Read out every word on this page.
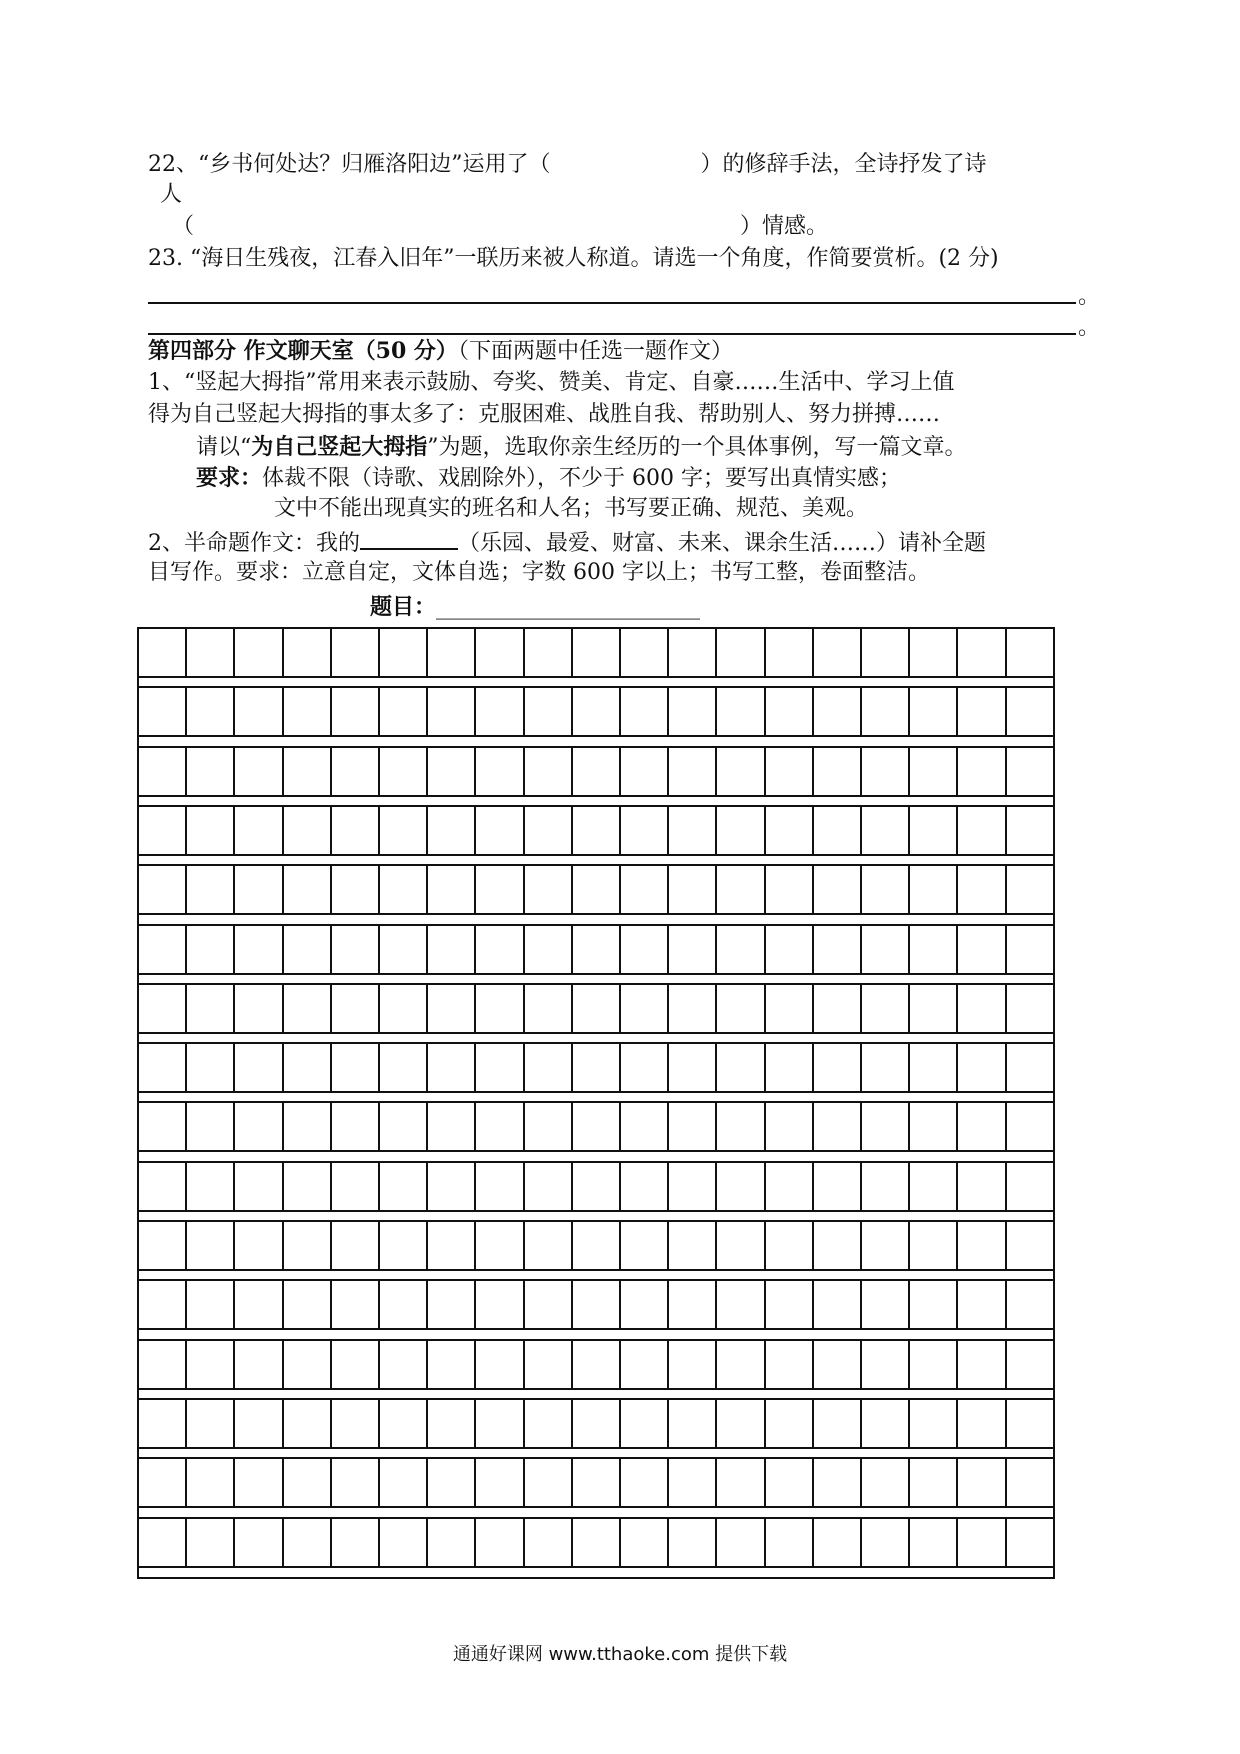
22、“乡书何处达？归雁洛阳边”运用了（	）的修辞手法，全诗抒发了诗
人
（	）情感。
23. “海日生残夜，江春入旧年”一联历来被人称道。请选一个角度，作简要赏析。(2 分)
。
。
第四部分 作文聊天室（50 分）（下面两题中任选一题作文）
1、“竖起大拇指”常用来表示鼓励、夸奖、赞美、肯定、自豪……生活中、学习上值
得为自己竖起大拇指的事太多了：克服困难、战胜自我、帮助别人、努力拼搏……
请以“为自己竖起大拇指”为题，选取你亲生经历的一个具体事例，写一篇文章。
要求：体裁不限（诗歌、戏剧除外），不少于 600 字；要写出真情实感；
文中不能出现真实的班名和人名；书写要正确、规范、美观。
2、半命题作文：我的	（乐园、最爱、财富、未来、课余生活……）请补全题
目写作。要求：立意自定，文体自选；字数 600 字以上；书写工整，卷面整洁。
题目：________________________
通通好课网 www.tthaoke.com 提供下载
